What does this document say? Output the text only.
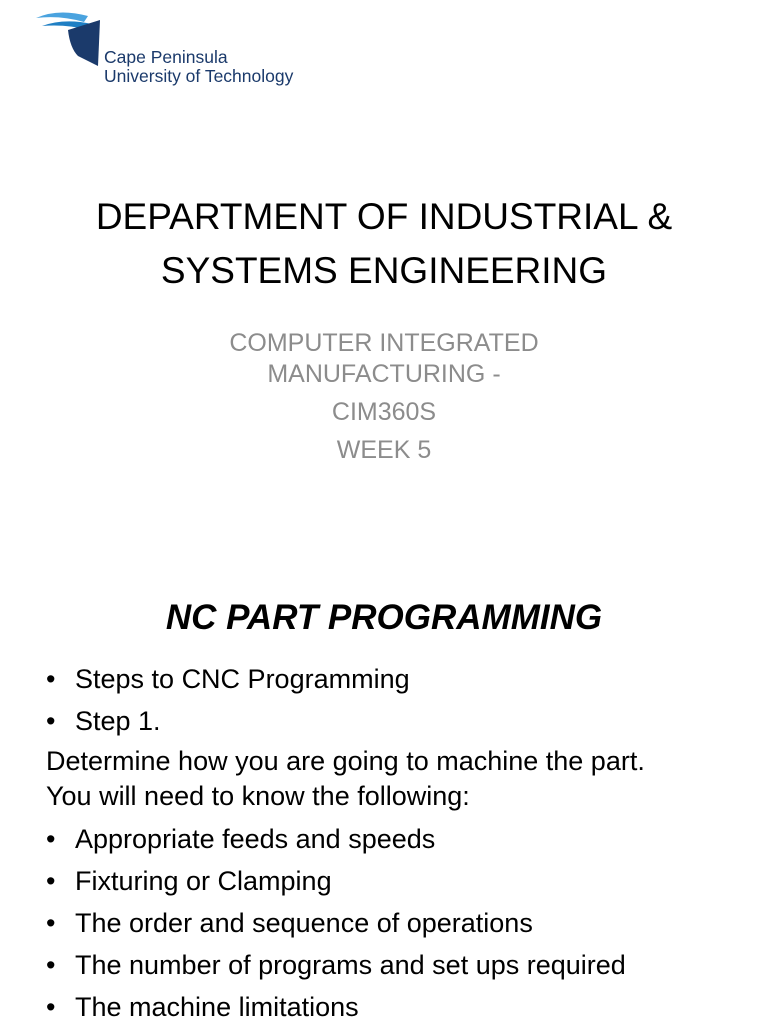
Cape Peninsula
University of Technology
DEPARTMENT OF INDUSTRIAL &
SYSTEMS ENGINEERING
COMPUTER INTEGRATED
MANUFACTURING -
CIM360S
WEEK 5
NC PART PROGRAMMING
• Steps to CNC Programming
• Step 1.
Determine how you are going to machine the part.
You will need to know the following:
• Appropriate feeds and speeds
• Fixturing or Clamping
• The order and sequence of operations
• The number of programs and set ups required
• The machine limitations
